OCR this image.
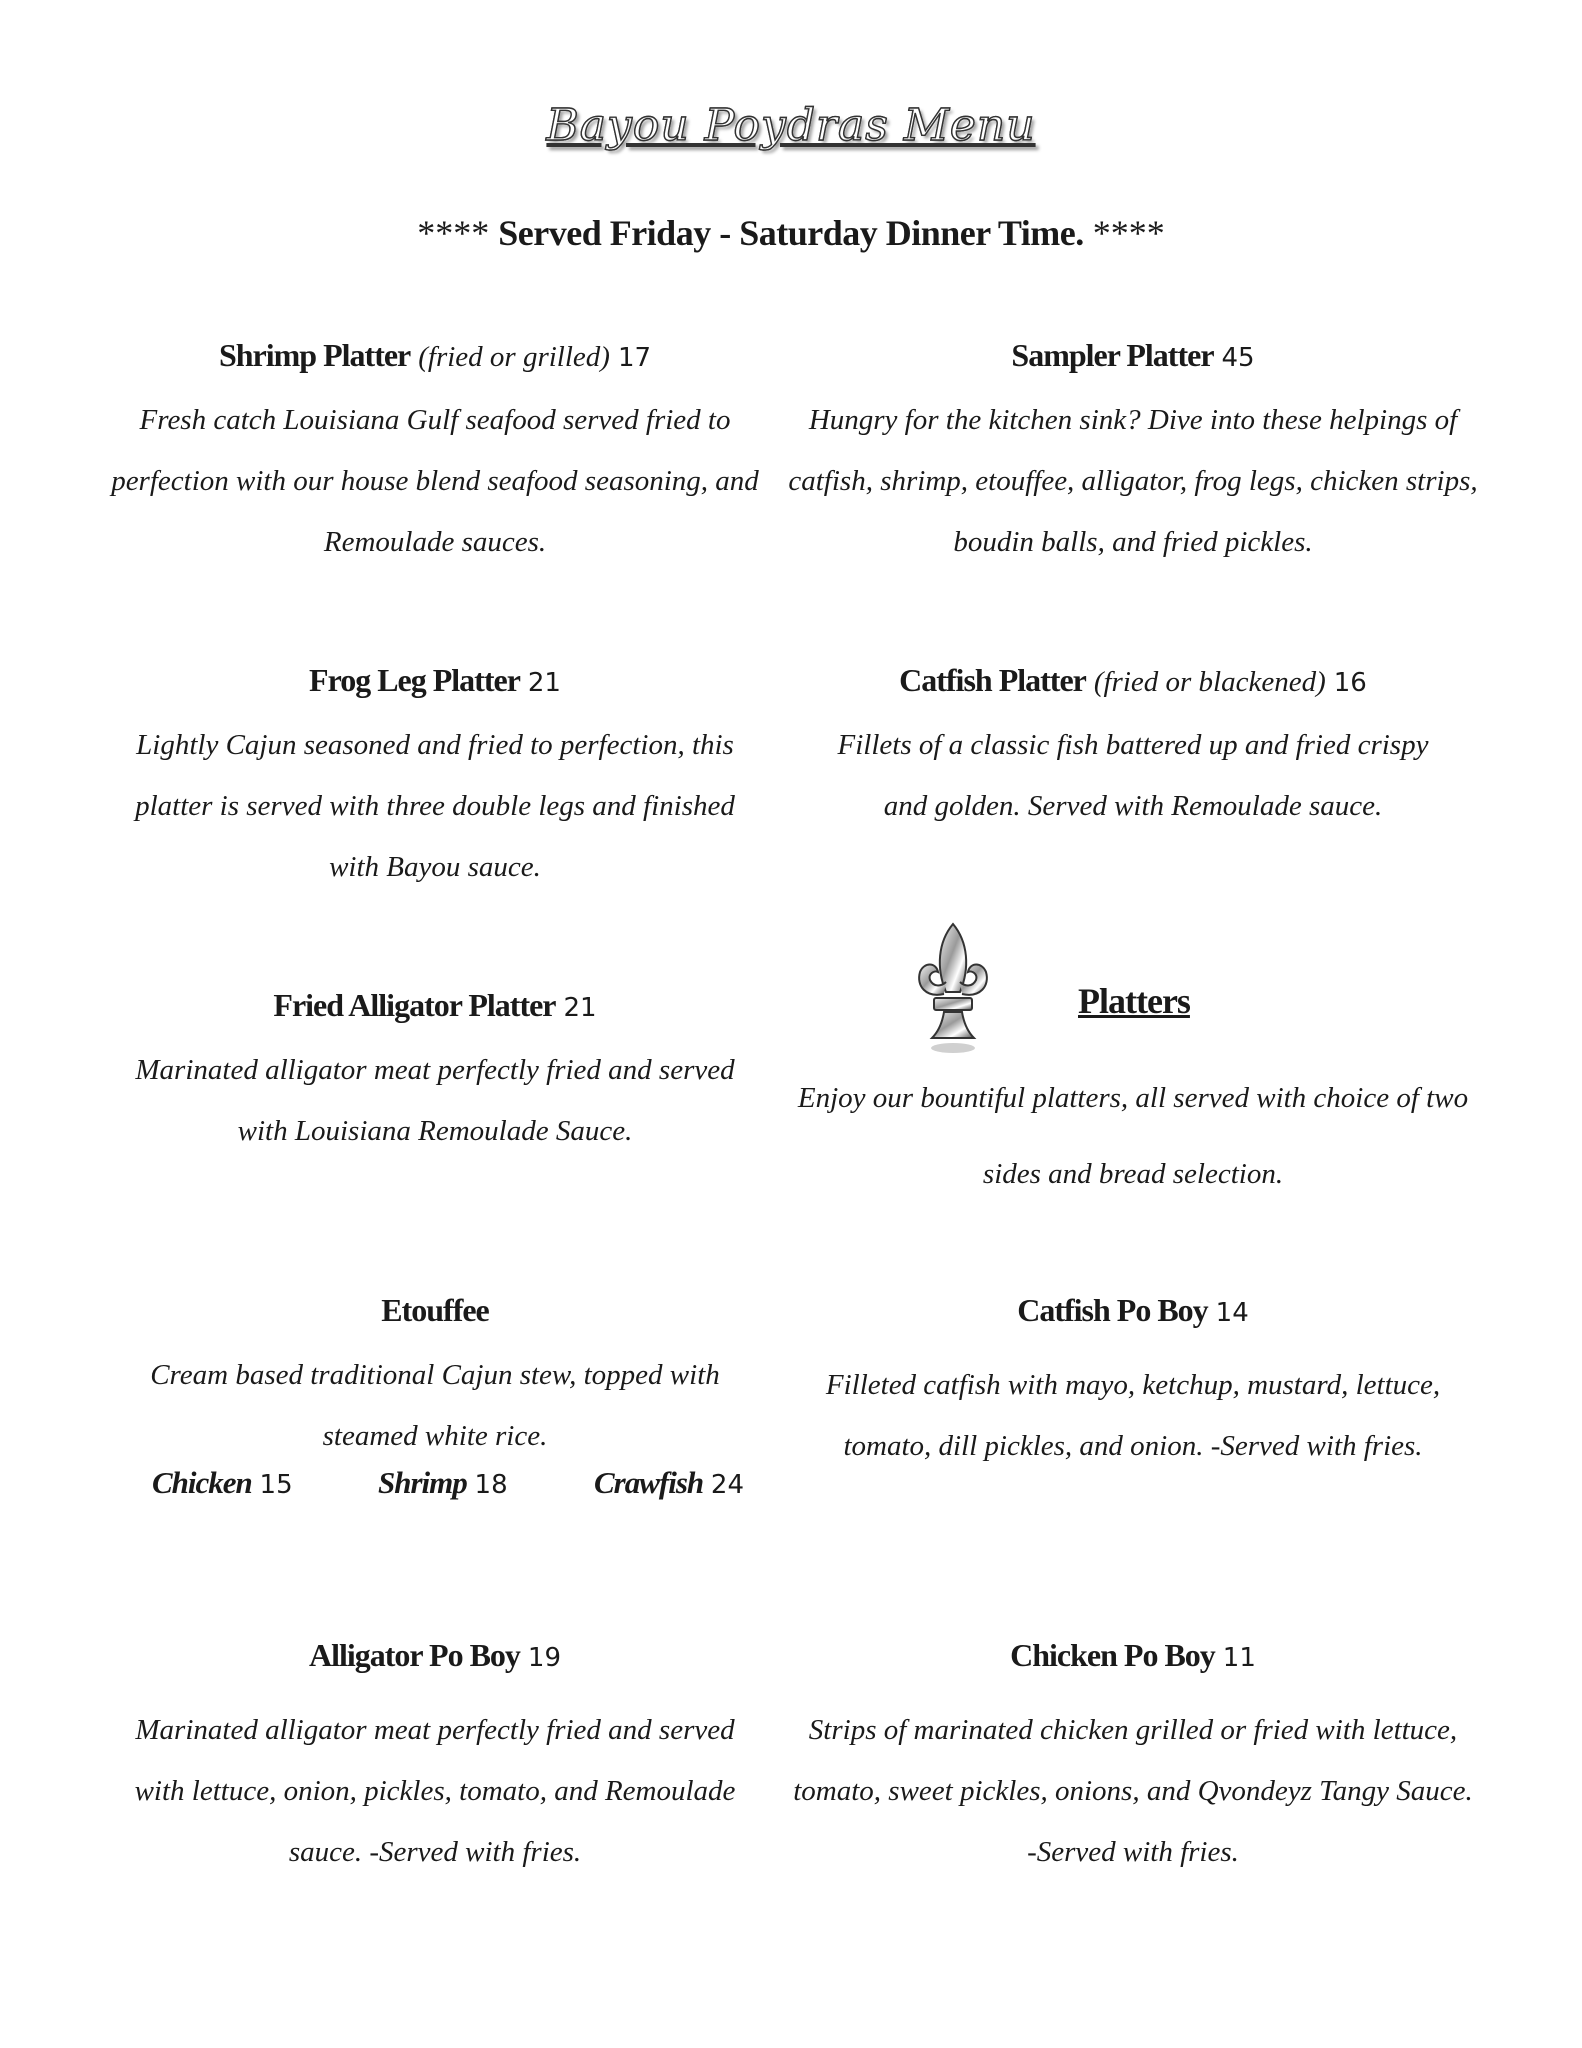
Bayou Poydras Menu
**** Served Friday - Saturday Dinner Time. ****
Shrimp Platter (fried or grilled) 17
Fresh catch Louisiana Gulf seafood served fried to perfection with our house blend seafood seasoning, and Remoulade sauces.
Sampler Platter 45
Hungry for the kitchen sink? Dive into these helpings of catfish, shrimp, etouffee, alligator, frog legs, chicken strips, boudin balls, and fried pickles.
Frog Leg Platter 21
Lightly Cajun seasoned and fried to perfection, this platter is served with three double legs and finished with Bayou sauce.
Catfish Platter (fried or blackened) 16
Fillets of a classic fish battered up and fried crispy and golden. Served with Remoulade sauce.
Fried Alligator Platter 21
Marinated alligator meat perfectly fried and served with Louisiana Remoulade Sauce.
Platters
Enjoy our bountiful platters, all served with choice of two sides and bread selection.
Etouffee
Cream based traditional Cajun stew, topped with steamed white rice.
Chicken 15	Shrimp 18	Crawfish 24
Catfish Po Boy 14
Filleted catfish with mayo, ketchup, mustard, lettuce, tomato, dill pickles, and onion. -Served with fries.
Alligator Po Boy 19
Marinated alligator meat perfectly fried and served with lettuce, onion, pickles, tomato, and Remoulade sauce. -Served with fries.
Chicken Po Boy 11
Strips of marinated chicken grilled or fried with lettuce, tomato, sweet pickles, onions, and Qvondeyz Tangy Sauce. -Served with fries.
